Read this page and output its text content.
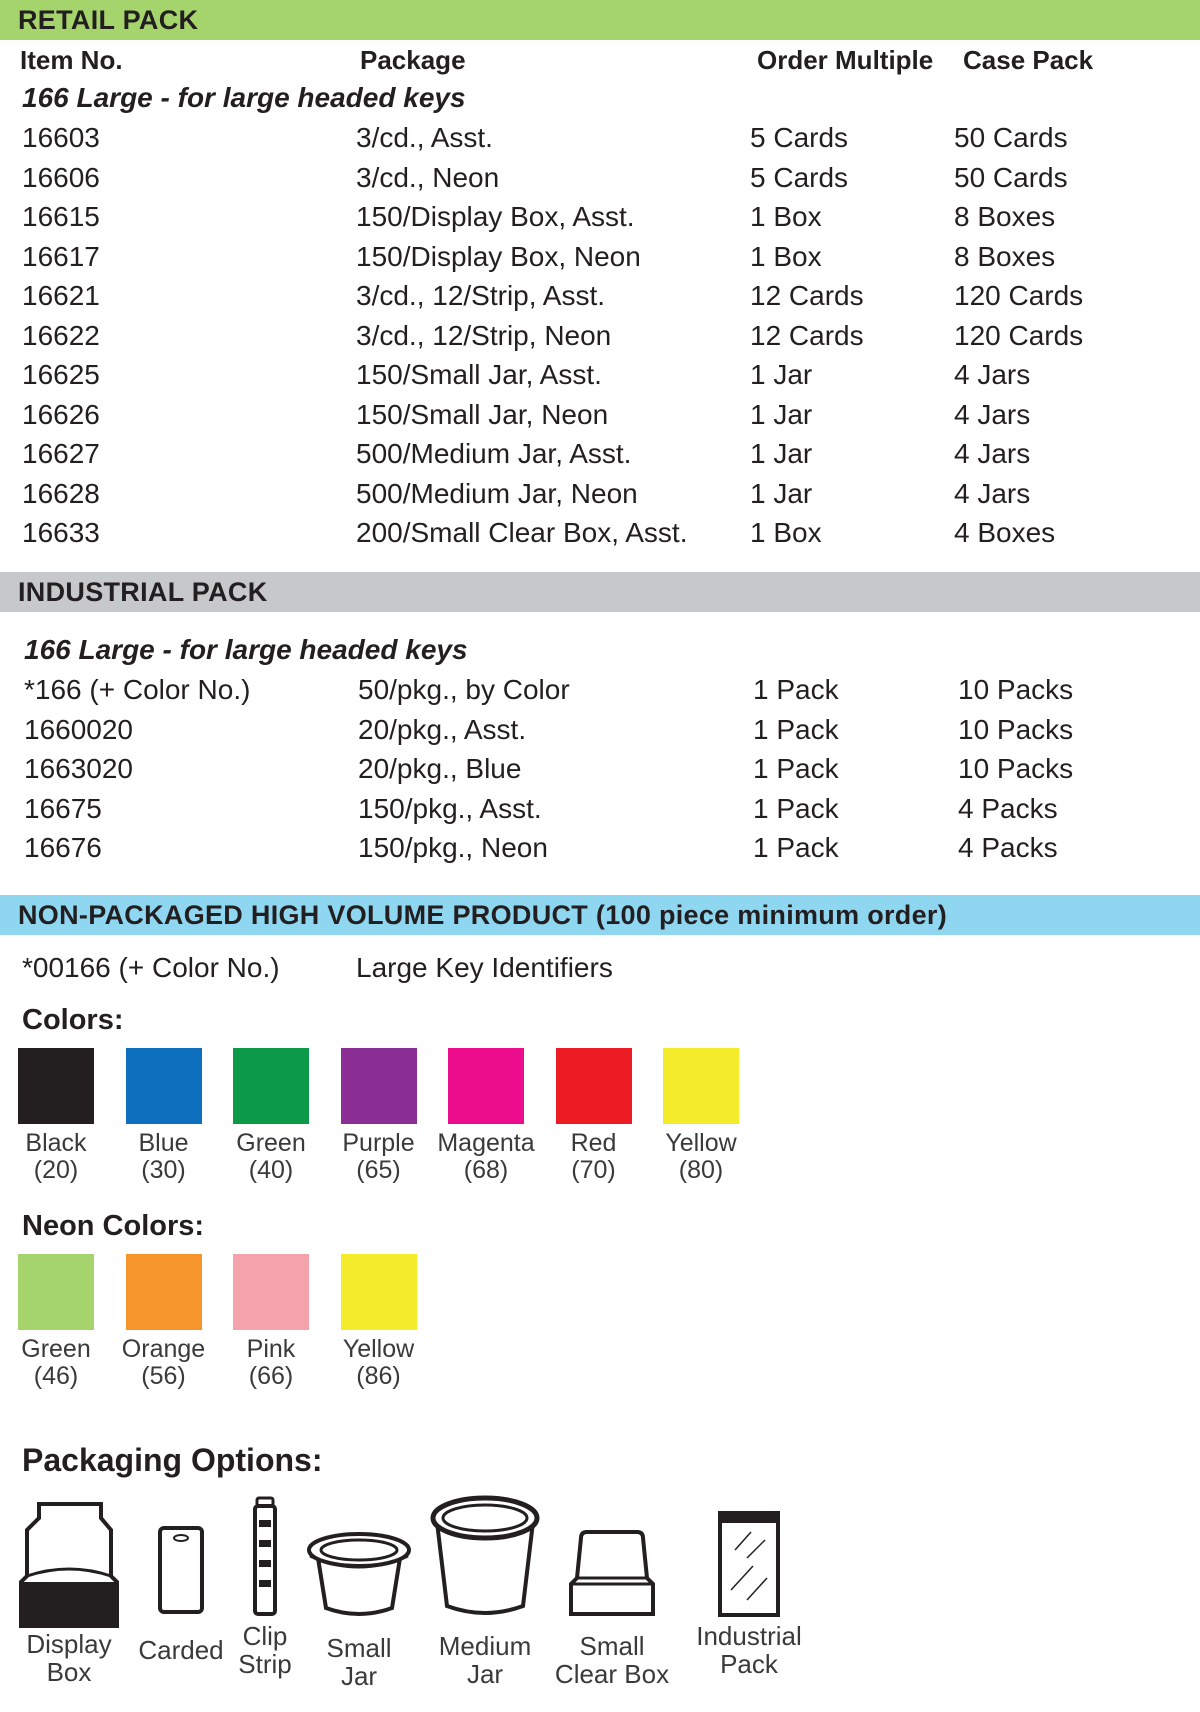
RETAIL PACK
Item No.	Package	Order Multiple Case Pack
166 Large - for large headed keys
16603	3/cd., Asst.	5 Cards	50 Cards
16606	3/cd., Neon	5 Cards	50 Cards
16615	150/Display Box, Asst.	1 Box	8 Boxes
16617	150/Display Box, Neon	1 Box	8 Boxes
16621	3/cd., 12/Strip, Asst.	12 Cards	120 Cards
16622	3/cd., 12/Strip, Neon	12 Cards	120 Cards
16625	150/Small Jar, Asst.	1 Jar	4 Jars
16626	150/Small Jar, Neon	1 Jar	4 Jars
16627	500/Medium Jar, Asst.	1 Jar	4 Jars
16628	500/Medium Jar, Neon	1 Jar	4 Jars
16633	200/Small Clear Box, Asst. 1 Box	4 Boxes
INDUSTRIAL PACK
166 Large - for large headed keys
*166 (+ Color No.)	50/pkg., by Color	1 Pack	10 Packs
1660020	20/pkg., Asst.	1 Pack	10 Packs
1663020	20/pkg., Blue	1 Pack	10 Packs
16675	150/pkg., Asst.	1 Pack	4 Packs
16676	150/pkg., Neon	1 Pack	4 Packs
NON-PACKAGED HIGH VOLUME PRODUCT (100 piece minimum order)
*00166 (+ Color No.)	Large Key Identifiers
Colors:
Black
(20)
Blue
(30)
Green
(40)
Purple
(65)
Magenta
(68)
Red
(70)
Yellow
(80)
Neon Colors:
Green
(46)
Orange
(56)
Pink
(66)
Yellow
(86)
Packaging Options:
Display
Box
Carded Clip
Strip
Small
Jar
Medium
Jar
Small
Clear Box
Industrial
Pack
